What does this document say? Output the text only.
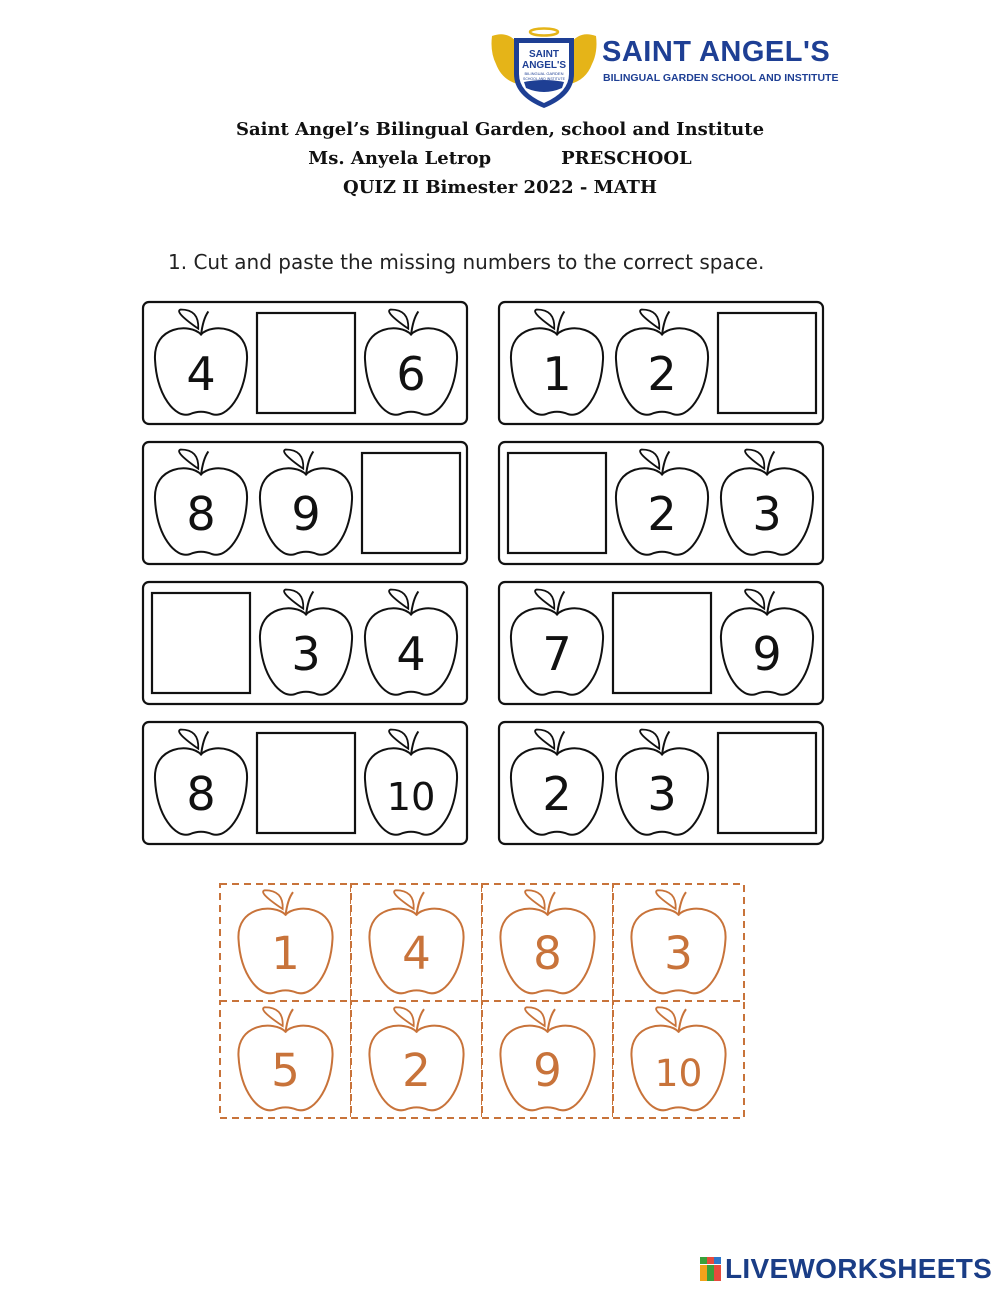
SAINT
ANGEL'S
BILINGUAL GARDEN
SCHOOL AND INSTITUTE
SAINT ANGEL'S
BILINGUAL GARDEN SCHOOL AND INSTITUTE
Saint Angel’s Bilingual Garden, school and Institute
Ms. Anyela Letrop	PRESCHOOL
QUIZ II Bimester 2022 - MATH
1. Cut and paste the missing numbers to the correct space.
4	6	1 2
8 9	2 3
3 4	7	9
8	10 2 3
1 4 8 3
5 2 9 10
LIVEWORKSHEETS
